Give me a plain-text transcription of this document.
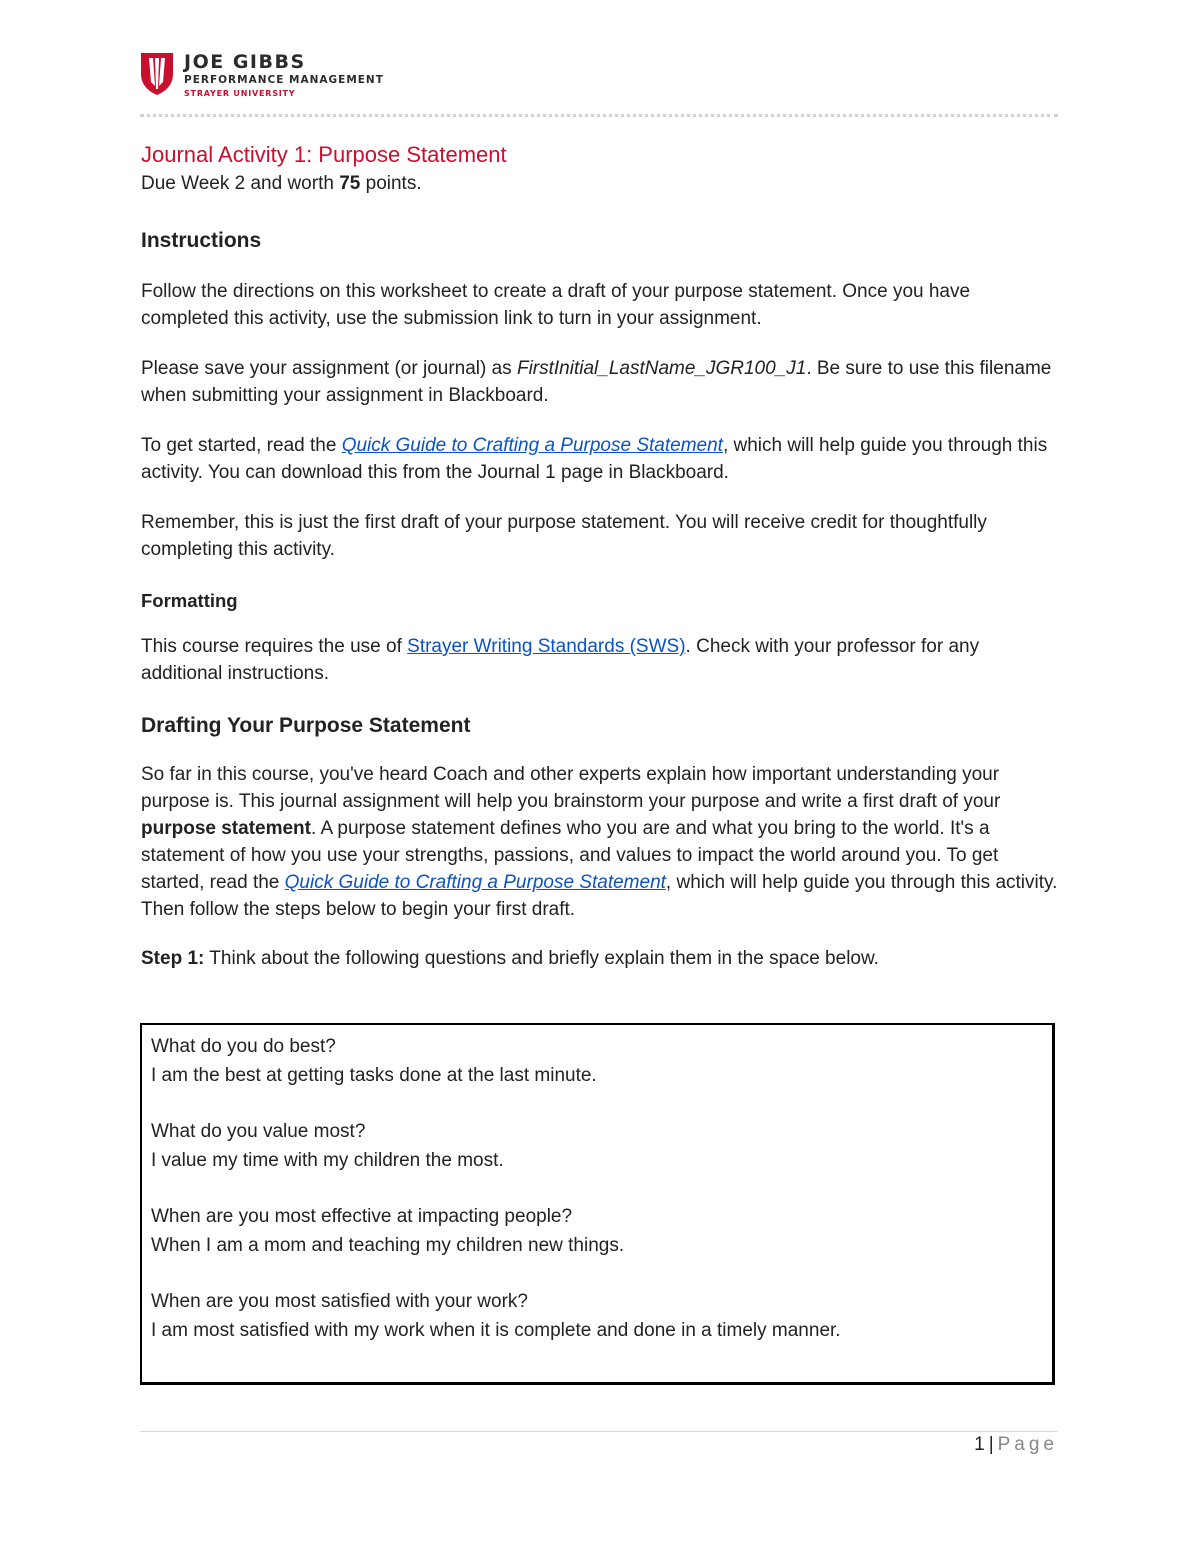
JOE GIBBS
PERFORMANCE MANAGEMENT
STRAYER UNIVERSITY
Journal Activity 1: Purpose Statement

Due Week 2 and worth 75 points.

Instructions

Follow the directions on this worksheet to create a draft of your purpose statement. Once you have completed this activity, use the submission link to turn in your assignment.

Please save your assignment (or journal) as FirstInitial_LastName_JGR100_J1. Be sure to use this filename when submitting your assignment in Blackboard.

To get started, read the Quick Guide to Crafting a Purpose Statement, which will help guide you through this activity. You can download this from the Journal 1 page in Blackboard.

Remember, this is just the first draft of your purpose statement. You will receive credit for thoughtfully completing this activity.

Formatting

This course requires the use of Strayer Writing Standards (SWS). Check with your professor for any additional instructions.

Drafting Your Purpose Statement

So far in this course, you've heard Coach and other experts explain how important understanding your purpose is. This journal assignment will help you brainstorm your purpose and write a first draft of your purpose statement. A purpose statement defines who you are and what you bring to the world. It's a statement of how you use your strengths, passions, and values to impact the world around you. To get started, read the Quick Guide to Crafting a Purpose Statement, which will help guide you through this activity. Then follow the steps below to begin your first draft.

Step 1: Think about the following questions and briefly explain them in the space below.

What do you do best?

I am the best at getting tasks done at the last minute.

What do you value most?

I value my time with my children the most.

When are you most effective at impacting people?

When I am a mom and teaching my children new things.

When are you most satisfied with your work?

I am most satisfied with my work when it is complete and done in a timely manner.

1 | Page
